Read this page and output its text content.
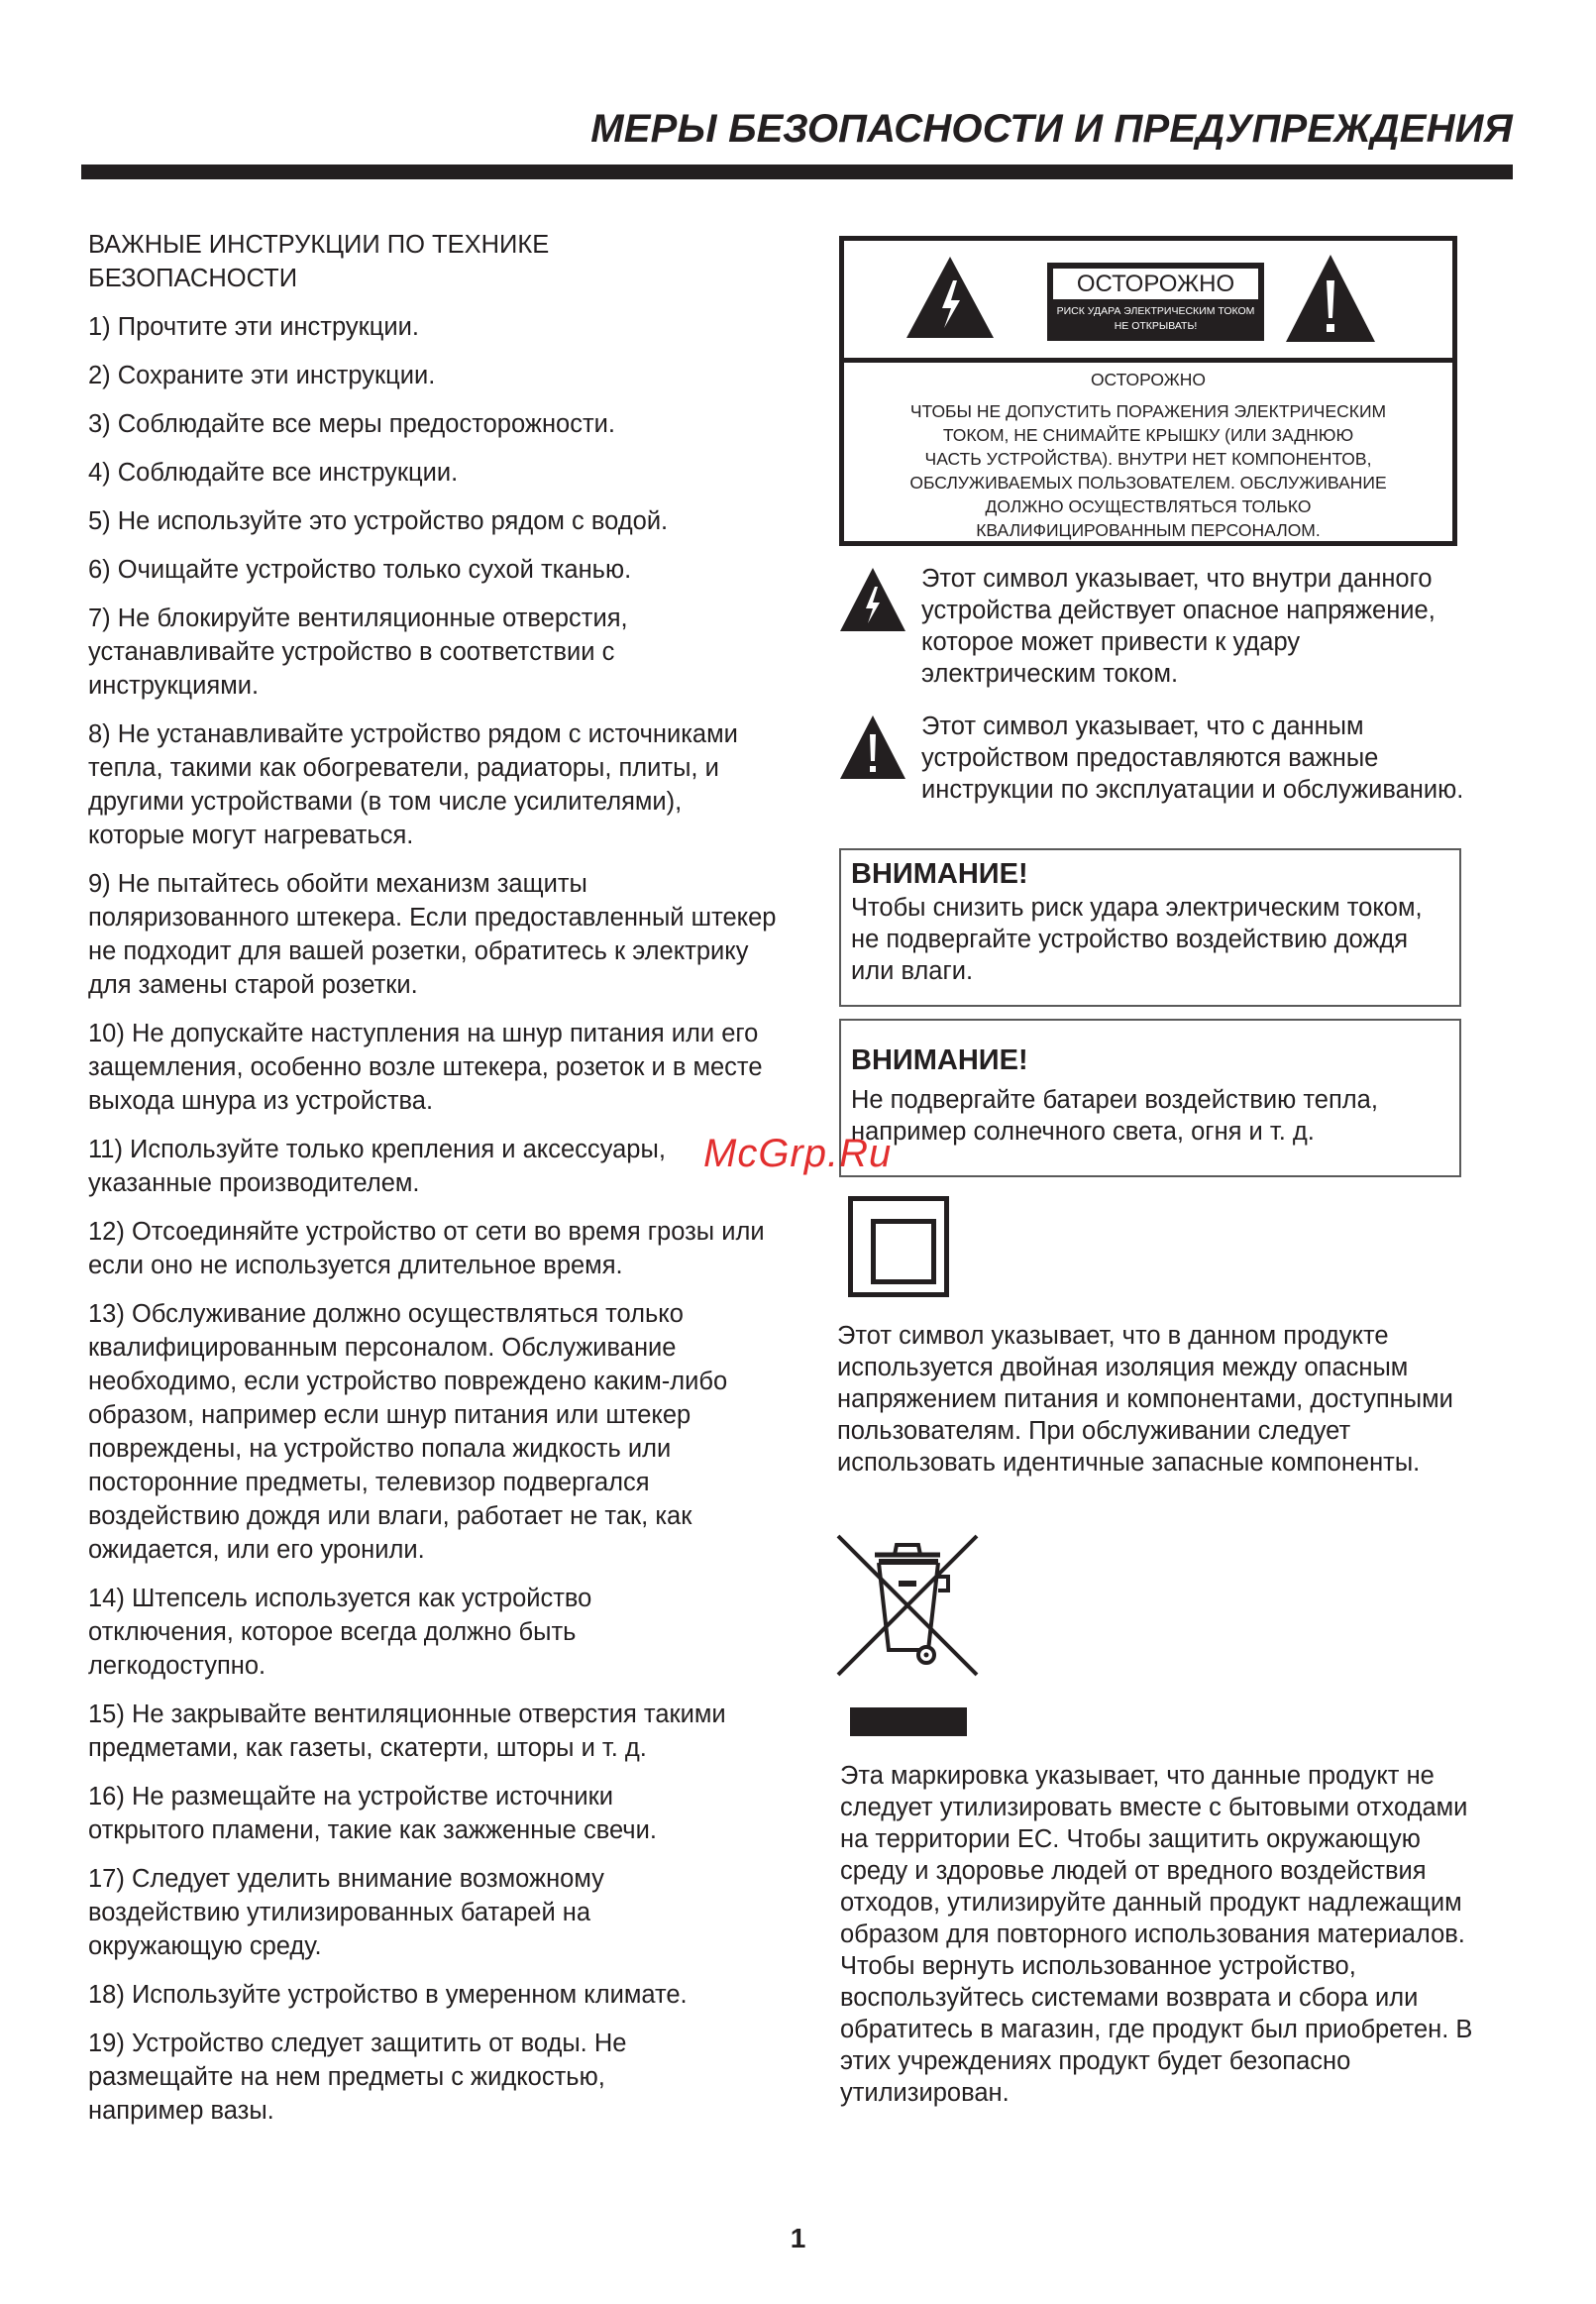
МЕРЫ БЕЗОПАСНОСТИ И ПРЕДУПРЕЖДЕНИЯ

ВАЖНЫЕ ИНСТРУКЦИИ ПО ТЕХНИКЕ БЕЗОПАСНОСТИ

1) Прочтите эти инструкции.

2) Сохраните эти инструкции.

3) Соблюдайте все меры предосторожности.

4) Соблюдайте все инструкции.

5) Не используйте это устройство рядом с водой.

6) Очищайте устройство только сухой тканью.

7) Не блокируйте вентиляционные отверстия, устанавливайте устройство в соответствии с инструкциями.

8) Не устанавливайте устройство рядом с источниками тепла, такими как обогреватели, радиаторы, плиты, и другими устройствами (в том числе усилителями), которые могут нагреваться.

9) Не пытайтесь обойти механизм защиты поляризованного штекера. Если предоставленный штекер не подходит для вашей розетки, обратитесь к электрику для замены старой розетки.

10) Не допускайте наступления на шнур питания или его защемления, особенно возле штекера, розеток и в месте выхода шнура из устройства.

11) Используйте только крепления и аксессуары, указанные производителем.

12) Отсоединяйте устройство от сети во время грозы или если оно не используется длительное время.

13) Обслуживание должно осуществляться только квалифицированным персоналом. Обслуживание необходимо, если устройство повреждено каким-либо образом, например если шнур питания или штекер повреждены, на устройство попала жидкость или посторонние предметы, телевизор подвергался воздействию дождя или влаги, работает не так, как ожидается, или его уронили.

14) Штепсель используется как устройство отключения, которое всегда должно быть легкодоступно.

15) Не закрывайте вентиляционные отверстия такими предметами, как газеты, скатерти, шторы и т. д.

16) Не размещайте на устройстве источники открытого пламени, такие как зажженные свечи.

17) Следует уделить внимание возможному воздействию утилизированных батарей на окружающую среду.

18) Используйте устройство в умеренном климате.

19) Устройство следует защитить от воды. Не размещайте на нем предметы с жидкостью, например вазы.

ОСТОРОЖНО
РИСК УДАРА ЭЛЕКТРИЧЕСКИМ ТОКОМ
НЕ ОТКРЫВАТЬ!
ОСТОРОЖНО
ЧТОБЫ НЕ ДОПУСТИТЬ ПОРАЖЕНИЯ ЭЛЕКТРИЧЕСКИМ
ТОКОМ, НЕ СНИМАЙТЕ КРЫШКУ (ИЛИ ЗАДНЮЮ
ЧАСТЬ УСТРОЙСТВА). ВНУТРИ НЕТ КОМПОНЕНТОВ,
ОБСЛУЖИВАЕМЫХ ПОЛЬЗОВАТЕЛЕМ. ОБСЛУЖИВАНИЕ
ДОЛЖНО ОСУЩЕСТВЛЯТЬСЯ ТОЛЬКО
КВАЛИФИЦИРОВАННЫМ ПЕРСОНАЛОМ.
Этот символ указывает, что внутри данного устройства действует опасное напряжение, которое может привести к удару электрическим током.
Этот символ указывает, что с данным устройством предоставляются важные инструкции по эксплуатации и обслуживанию.
ВНИМАНИЕ!
Чтобы снизить риск удара электрическим током, не подвергайте устройство воздействию дождя или влаги.
ВНИМАНИЕ!
Не подвергайте батареи воздействию тепла, например солнечного света, огня и т. д.
Этот символ указывает, что в данном продукте используется двойная изоляция между опасным напряжением питания и компонентами, доступными пользователям. При обслуживании следует использовать идентичные запасные компоненты.
Эта маркировка указывает, что данные продукт не следует утилизировать вместе с бытовыми отходами на территории ЕС. Чтобы защитить окружающую среду и здоровье людей от вредного воздействия отходов, утилизируйте данный продукт надлежащим образом для повторного использования материалов.
Чтобы вернуть использованное устройство, воспользуйтесь системами возврата и сбора или обратитесь в магазин, где продукт был приобретен. В этих учреждениях продукт будет безопасно утилизирован.
McGrp.Ru
1
